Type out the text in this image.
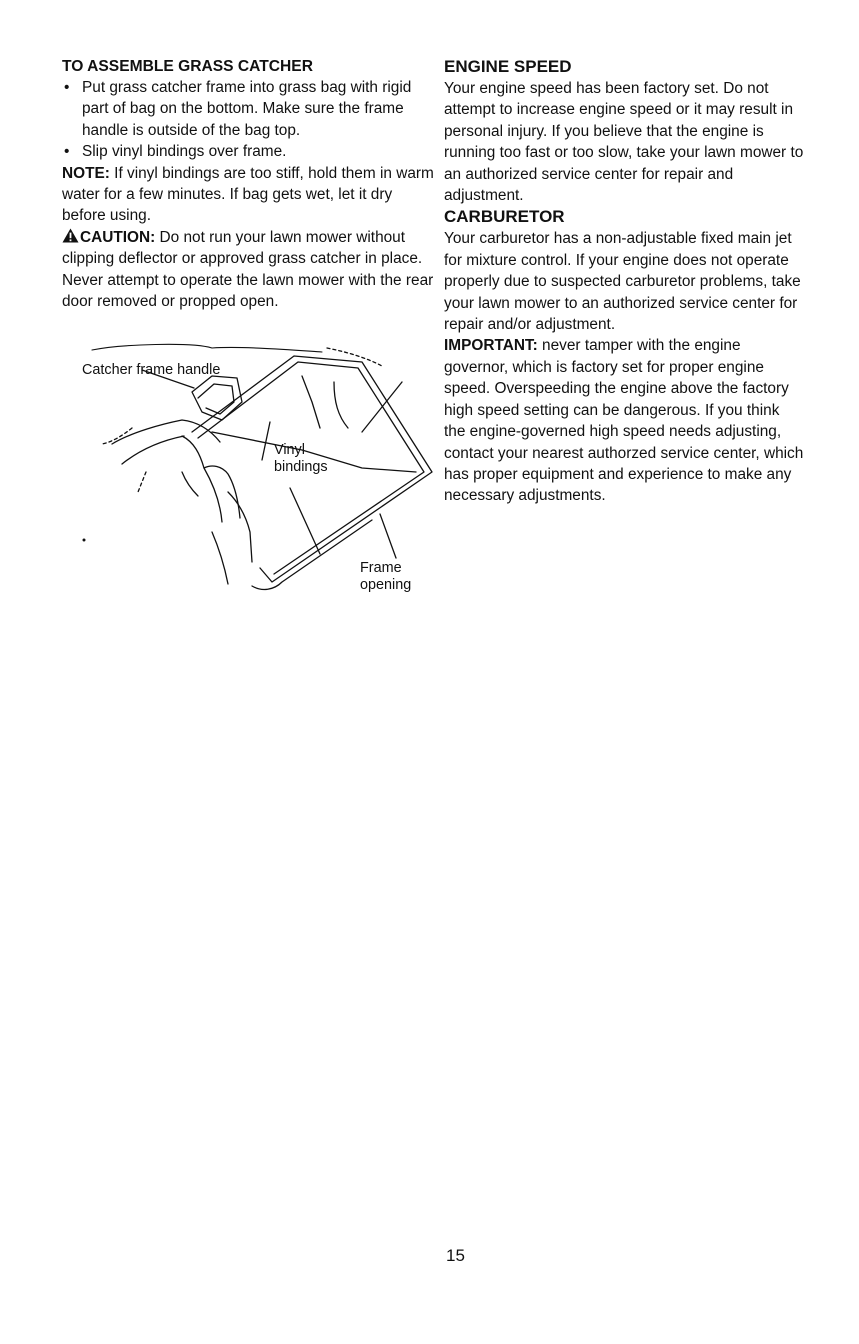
TO ASSEMBLE GRASS CATCHER
• Put grass catcher frame into grass bag with rigid part of bag on the bottom. Make sure the frame handle is outside of the bag top.
• Slip vinyl bindings over frame.

NOTE: If vinyl bindings are too stiff, hold them in warm water for a few minutes. If bag gets wet, let it dry before using.

CAUTION: Do not run your lawn mower without clipping deflector or approved grass catcher in place. Never attempt to operate the lawn mower with the rear door removed or propped open.

Catcher frame handle
Vinyl bindings
Frame opening
ENGINE SPEED

Your engine speed has been factory set. Do not attempt to increase engine speed or it may result in personal injury. If you believe that the engine is running too fast or too slow, take your lawn mower to an authorized service center for repair and adjustment.

CARBURETOR

Your carburetor has a non-adjustable fixed main jet for mixture control. If your engine does not operate properly due to suspected carburetor problems, take your lawn mower to an authorized service center for repair and/or adjustment.

IMPORTANT: never tamper with the engine governor, which is factory set for proper engine speed. Overspeeding the engine above the factory high speed setting can be dangerous. If you think the engine-governed high speed needs adjusting, contact your nearest authorzed service center, which has proper equipment and experience to make any necessary adjustments.

15
